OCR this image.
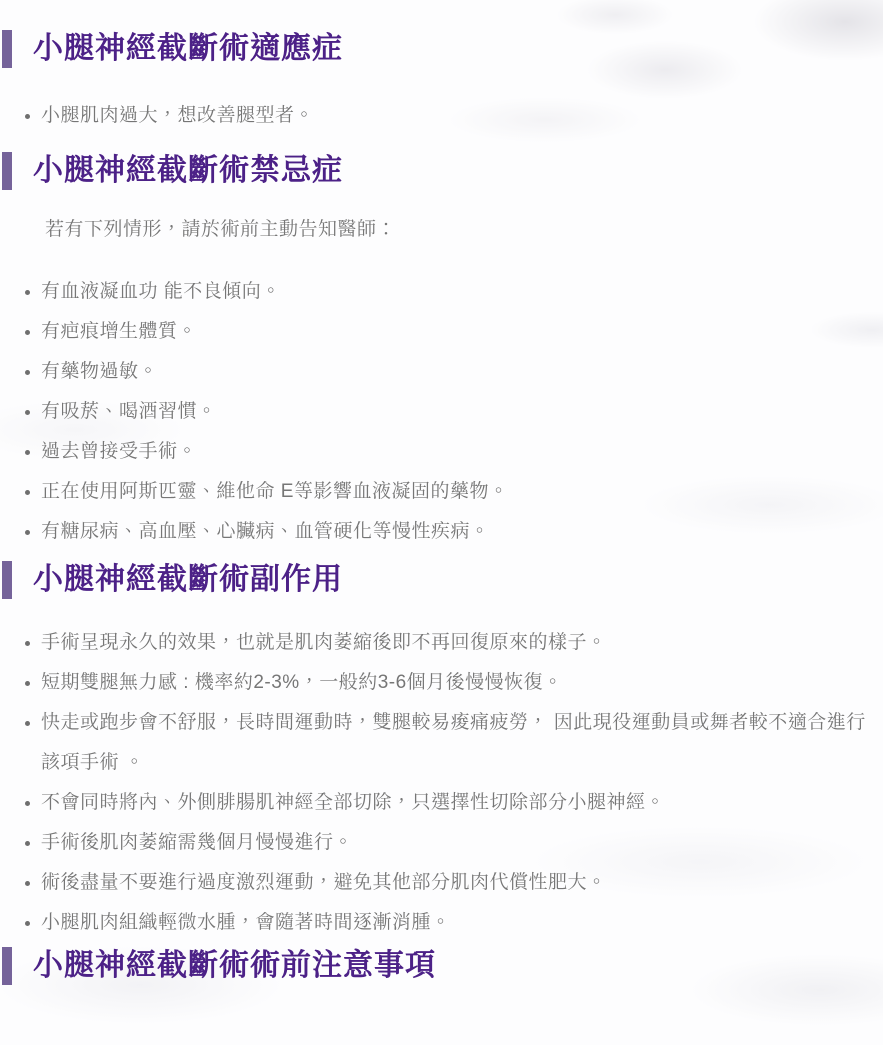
小腿神經截斷術適應症
小腿肌肉過大，想改善腿型者。
小腿神經截斷術禁忌症

若有下列情形，請於術前主動告知醫師：

有血液凝血功 能不良傾向。
有疤痕增生體質。
有藥物過敏。
有吸菸、喝酒習慣。
過去曾接受手術。
正在使用阿斯匹靈、維他命 E等影響血液凝固的藥物。
有糖尿病、高血壓、心臟病、血管硬化等慢性疾病。
小腿神經截斷術副作用
手術呈現永久的效果，也就是肌肉萎縮後即不再回復原來的樣子。
短期雙腿無力感 : 機率約2-3%，一般約3-6個月後慢慢恢復。
快走或跑步會不舒服，長時間運動時，雙腿較易痠痛疲勞， 因此現役運動員或舞者較不適合進行該項手術 。
不會同時將內、外側腓腸肌神經全部切除，只選擇性切除部分小腿神經。
手術後肌肉萎縮需幾個月慢慢進行。
術後盡量不要進行過度激烈運動，避免其他部分肌肉代償性肥大。
小腿肌肉組織輕微水腫，會隨著時間逐漸消腫。
小腿神經截斷術術前注意事項
